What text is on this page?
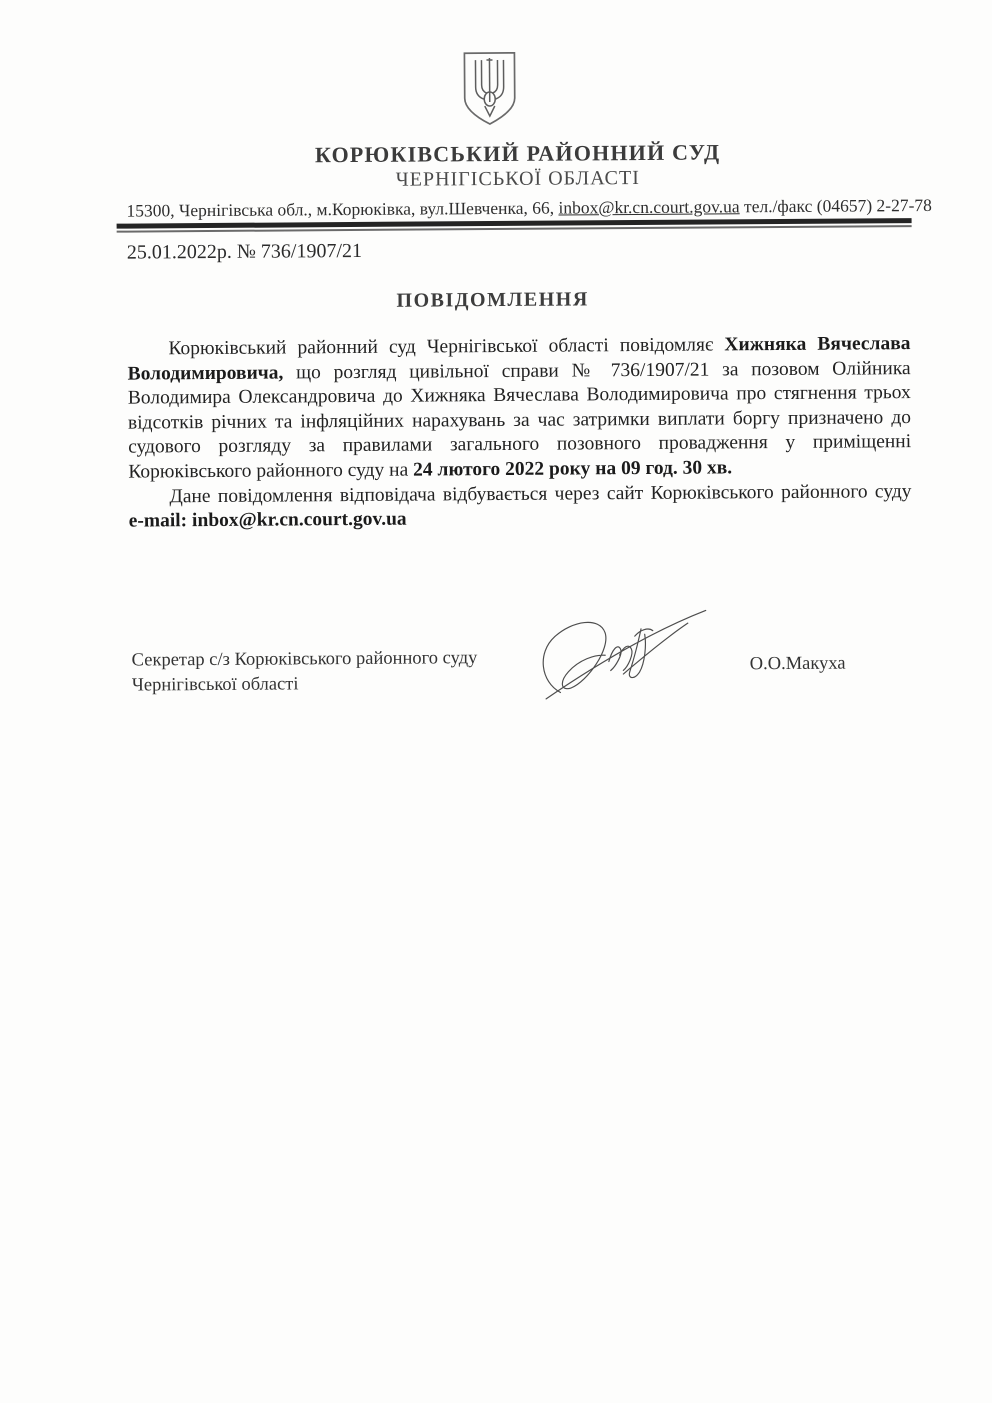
КОРЮКІВСЬКИЙ РАЙОННИЙ СУД
ЧЕРНІГІСЬКОЇ ОБЛАСТІ
15300, Чернігівська обл., м.Корюківка, вул.Шевченка, 66, inbox@kr.cn.court.gov.ua тел./факс (04657) 2-27-78
25.01.2022р. № 736/1907/21
ПОВІДОМЛЕННЯ

Корюківський районний суд Чернігівської області повідомляє Хижняка Вячеслава Володимировича, що розгляд цивільної справи № 736/1907/21 за позовом Олійника Володимира Олександровича до Хижняка Вячеслава Володимировича про стягнення трьох відсотків річних та інфляційних нарахувань за час затримки виплати боргу призначено до судового розгляду за правилами загального позовного провадження у приміщенні Корюківського районного суду на 24 лютого 2022 року на 09 год. 30 хв.

Дане повідомлення відповідача відбувається через сайт Корюківського районного суду e-mail: inbox@kr.cn.court.gov.ua

Секретар с/з Корюківського районного суду
Чернігівської області
О.О.Макуха
